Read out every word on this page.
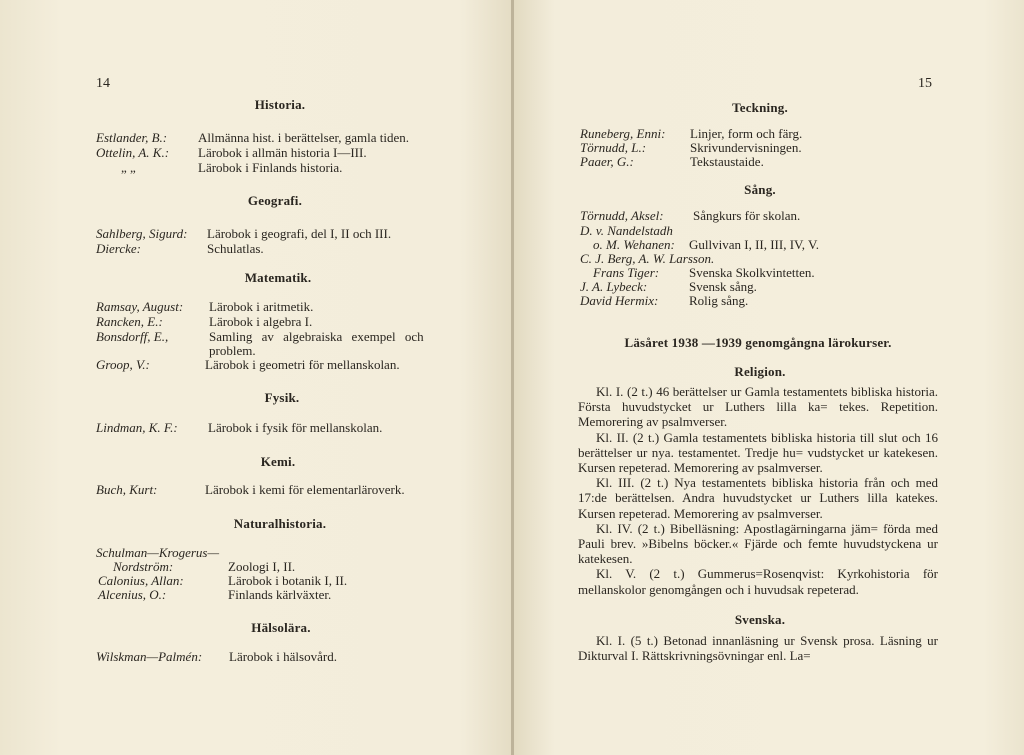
14
Historia.
Estlander, B.: Allmänna hist. i berättelser, gamla tiden.
Ottelin, A. K.: Lärobok i allmän historia I—III.
„ „	Lärobok i Finlands historia.
Geografi.
Sahlberg, Sigurd: Lärobok i geografi, del I, II och III.
Diercke:	Schulatlas.
Matematik.
Ramsay, August: Lärobok i aritmetik.
Rancken, E.:	Lärobok i algebra I.
Bonsdorff, E.,	Samling av algebraiska exempel och
problem.
Groop, V.:	Lärobok i geometri för mellanskolan.
Fysik.
Lindman, K. F.: Lärobok i fysik för mellanskolan.
Kemi.
Buch, Kurt:	Lärobok i kemi för elementarläroverk.
Naturalhistoria.
Schulman—Krogerus—
Nordström:	Zoologi I, II.
Calonius, Allan:	Lärobok i botanik I, II.
Alcenius, O.:	Finlands kärlväxter.
Hälsolära.
Wilskman—Palmén: Lärobok i hälsovård.
15
Teckning.
Runeberg, Enni: Linjer, form och färg.
Törnudd, L.:	Skrivundervisningen.
Paaer, G.:	Tekstaustaide.
Sång.
Törnudd, Aksel: Sångkurs för skolan.
D. v. Nandelstadh
o. M. Wehanen: Gullvivan I, II, III, IV, V.
C. J. Berg, A. W. Larsson.
Frans Tiger: Svenska Skolkvintetten.
J. A. Lybeck:	Svensk sång.
David Hermix: Rolig sång.
Läsåret 1938 —1939 genomgångna lärokurser.
Religion.

Kl. I. (2 t.) 46 berättelser ur Gamla testamentets bibliska historia. Första huvudstycket ur Luthers lilla ka= tekes. Repetition. Memorering av psalmverser.

Kl. II. (2 t.) Gamla testamentets bibliska historia till slut och 16 berättelser ur nya. testamentet. Tredje hu= vudstycket ur katekesen. Kursen repeterad. Memorering av psalmverser.

Kl. III. (2 t.) Nya testamentets bibliska historia från och med 17:de berättelsen. Andra huvudstycket ur Luthers lilla katekes. Kursen repeterad. Memorering av psalmverser.

Kl. IV. (2 t.) Bibelläsning: Apostlagärningarna jäm= förda med Pauli brev. »Bibelns böcker.« Fjärde och femte huvudstyckena ur katekesen.

Kl. V. (2 t.) Gummerus=Rosenqvist: Kyrkohistoria för mellanskolor genomgången och i huvudsak repeterad.

Svenska.

Kl. I. (5 t.) Betonad innanläsning ur Svensk prosa. Läsning ur Dikturval I. Rättskrivningsövningar enl. La=
